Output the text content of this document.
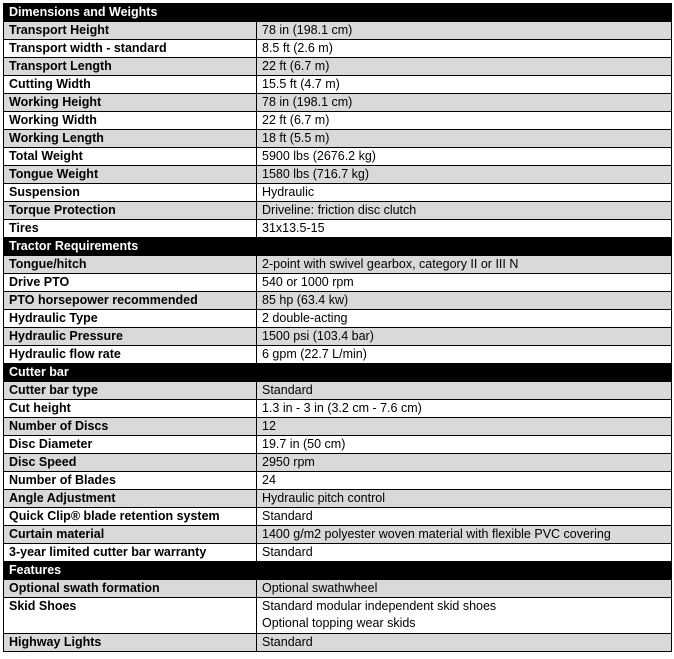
Dimensions and Weights	
Transport Height	78 in (198.1 cm)
Transport width - standard	8.5 ft (2.6 m)
Transport Length	22 ft (6.7 m)
Cutting Width	15.5 ft (4.7 m)
Working Height	78 in (198.1 cm)
Working Width	22 ft (6.7 m)
Working Length	18 ft (5.5 m)
Total Weight	5900 lbs (2676.2 kg)
Tongue Weight	1580 lbs (716.7 kg)
Suspension	Hydraulic
Torque Protection	Driveline: friction disc clutch
Tires	31x13.5-15
Tractor Requirements	
Tongue/hitch	2-point with swivel gearbox, category II or III N
Drive PTO	540 or 1000 rpm
PTO horsepower recommended	85 hp (63.4 kw)
Hydraulic Type	2 double-acting
Hydraulic Pressure	1500 psi (103.4 bar)
Hydraulic flow rate	6 gpm (22.7 L/min)
Cutter bar	
Cutter bar type	Standard
Cut height	1.3 in - 3 in (3.2 cm - 7.6 cm)
Number of Discs	12
Disc Diameter	19.7 in (50 cm)
Disc Speed	2950 rpm
Number of Blades	24
Angle Adjustment	Hydraulic pitch control
Quick Clip® blade retention system	Standard
Curtain material	1400 g/m2 polyester woven material with flexible PVC covering
3-year limited cutter bar warranty	Standard
Features	
Optional swath formation	Optional swathwheel
Skid Shoes	Standard modular independent skid shoes
Optional topping wear skids

Highway Lights	Standard
